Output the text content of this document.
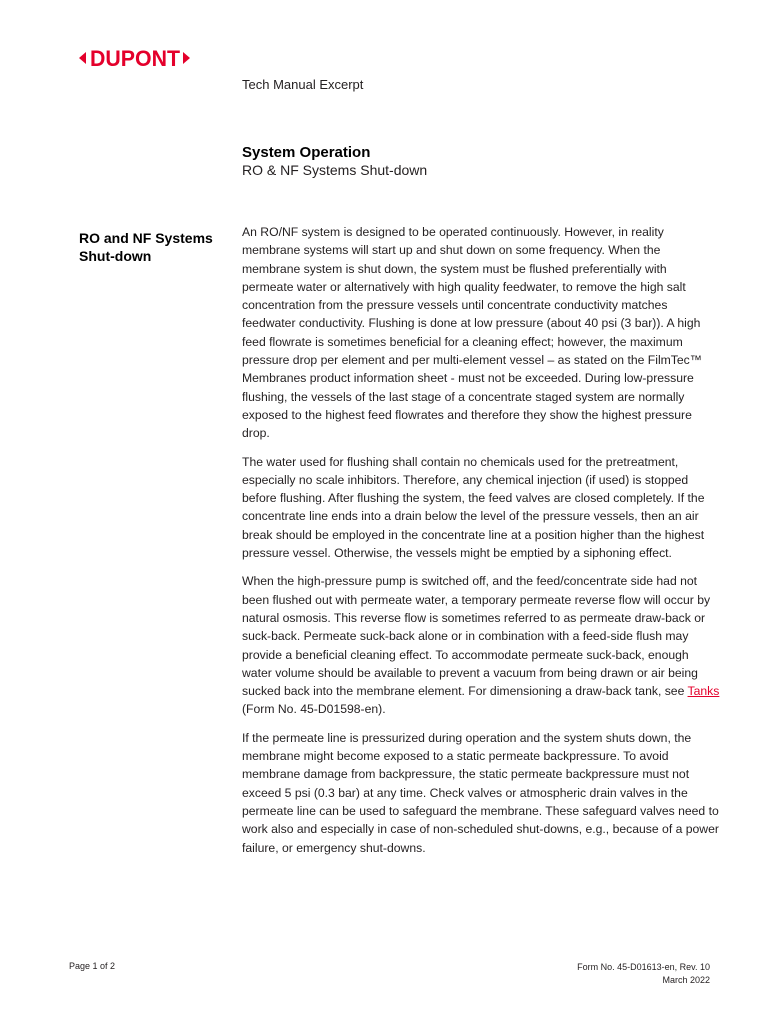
DUPONT
Tech Manual Excerpt
System Operation
RO & NF Systems Shut-down
RO and NF Systems Shut-down

An RO/NF system is designed to be operated continuously. However, in reality membrane systems will start up and shut down on some frequency. When the membrane system is shut down, the system must be flushed preferentially with permeate water or alternatively with high quality feedwater, to remove the high salt concentration from the pressure vessels until concentrate conductivity matches feedwater conductivity. Flushing is done at low pressure (about 40 psi (3 bar)). A high feed flowrate is sometimes beneficial for a cleaning effect; however, the maximum pressure drop per element and per multi-element vessel – as stated on the FilmTec™ Membranes product information sheet - must not be exceeded. During low-pressure flushing, the vessels of the last stage of a concentrate staged system are normally exposed to the highest feed flowrates and therefore they show the highest pressure drop.

The water used for flushing shall contain no chemicals used for the pretreatment, especially no scale inhibitors. Therefore, any chemical injection (if used) is stopped before flushing. After flushing the system, the feed valves are closed completely. If the concentrate line ends into a drain below the level of the pressure vessels, then an air break should be employed in the concentrate line at a position higher than the highest pressure vessel. Otherwise, the vessels might be emptied by a siphoning effect.

When the high-pressure pump is switched off, and the feed/concentrate side had not been flushed out with permeate water, a temporary permeate reverse flow will occur by natural osmosis. This reverse flow is sometimes referred to as permeate draw-back or suck-back. Permeate suck-back alone or in combination with a feed-side flush may provide a beneficial cleaning effect. To accommodate permeate suck-back, enough water volume should be available to prevent a vacuum from being drawn or air being sucked back into the membrane element. For dimensioning a draw-back tank, see Tanks (Form No. 45-D01598-en).

If the permeate line is pressurized during operation and the system shuts down, the membrane might become exposed to a static permeate backpressure. To avoid membrane damage from backpressure, the static permeate backpressure must not exceed 5 psi (0.3 bar) at any time. Check valves or atmospheric drain valves in the permeate line can be used to safeguard the membrane. These safeguard valves need to work also and especially in case of non-scheduled shut-downs, e.g., because of a power failure, or emergency shut-downs.

Page 1 of 2	Form No. 45-D01613-en, Rev. 10
March 2022
